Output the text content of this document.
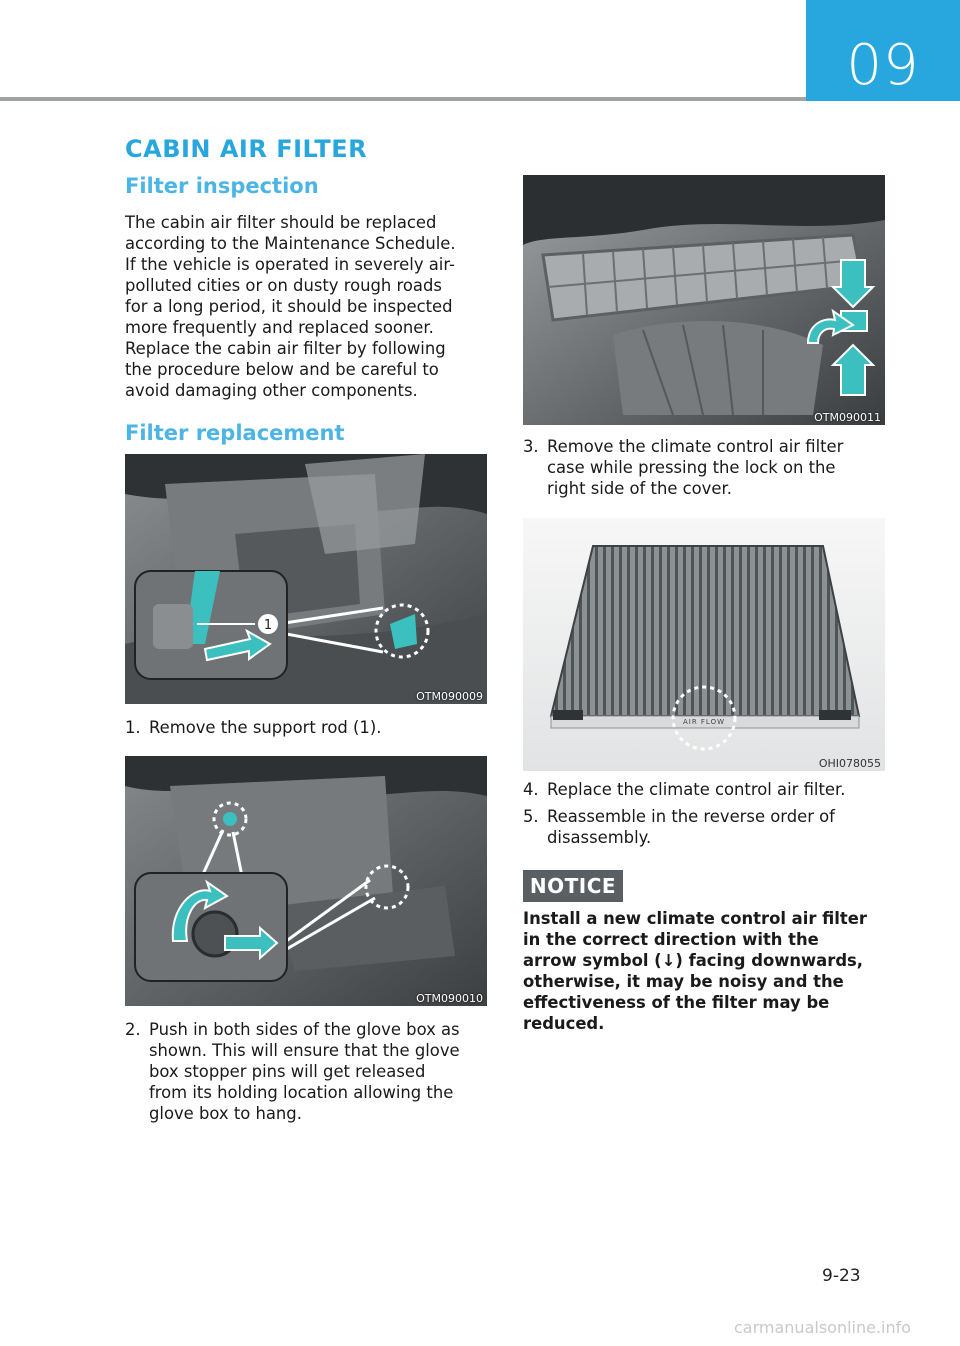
09
CABIN AIR FILTER
Filter inspection
The cabin air filter should be replaced
according to the Maintenance Schedule.
If the vehicle is operated in severely air-
polluted cities or on dusty rough roads
for a long period, it should be inspected
more frequently and replaced sooner.
Replace the cabin air filter by following
the procedure below and be careful to
avoid damaging other components.
Filter replacement
1
OTM090009
1. Remove the support rod (1).
OTM090010
2. Push in both sides of the glove box as
shown. This will ensure that the glove
box stopper pins will get released
from its holding location allowing the
glove box to hang.
OTM090011
3. Remove the climate control air filter
case while pressing the lock on the
right side of the cover.
AIR FLOW
OHI078055
4. Replace the climate control air filter.
5. Reassemble in the reverse order of
disassembly.
NOTICE
Install a new climate control air filter
in the correct direction with the
arrow symbol (↓) facing downwards,
otherwise, it may be noisy and the
effectiveness of the filter may be
reduced.
9-23
carmanualsonline.info
